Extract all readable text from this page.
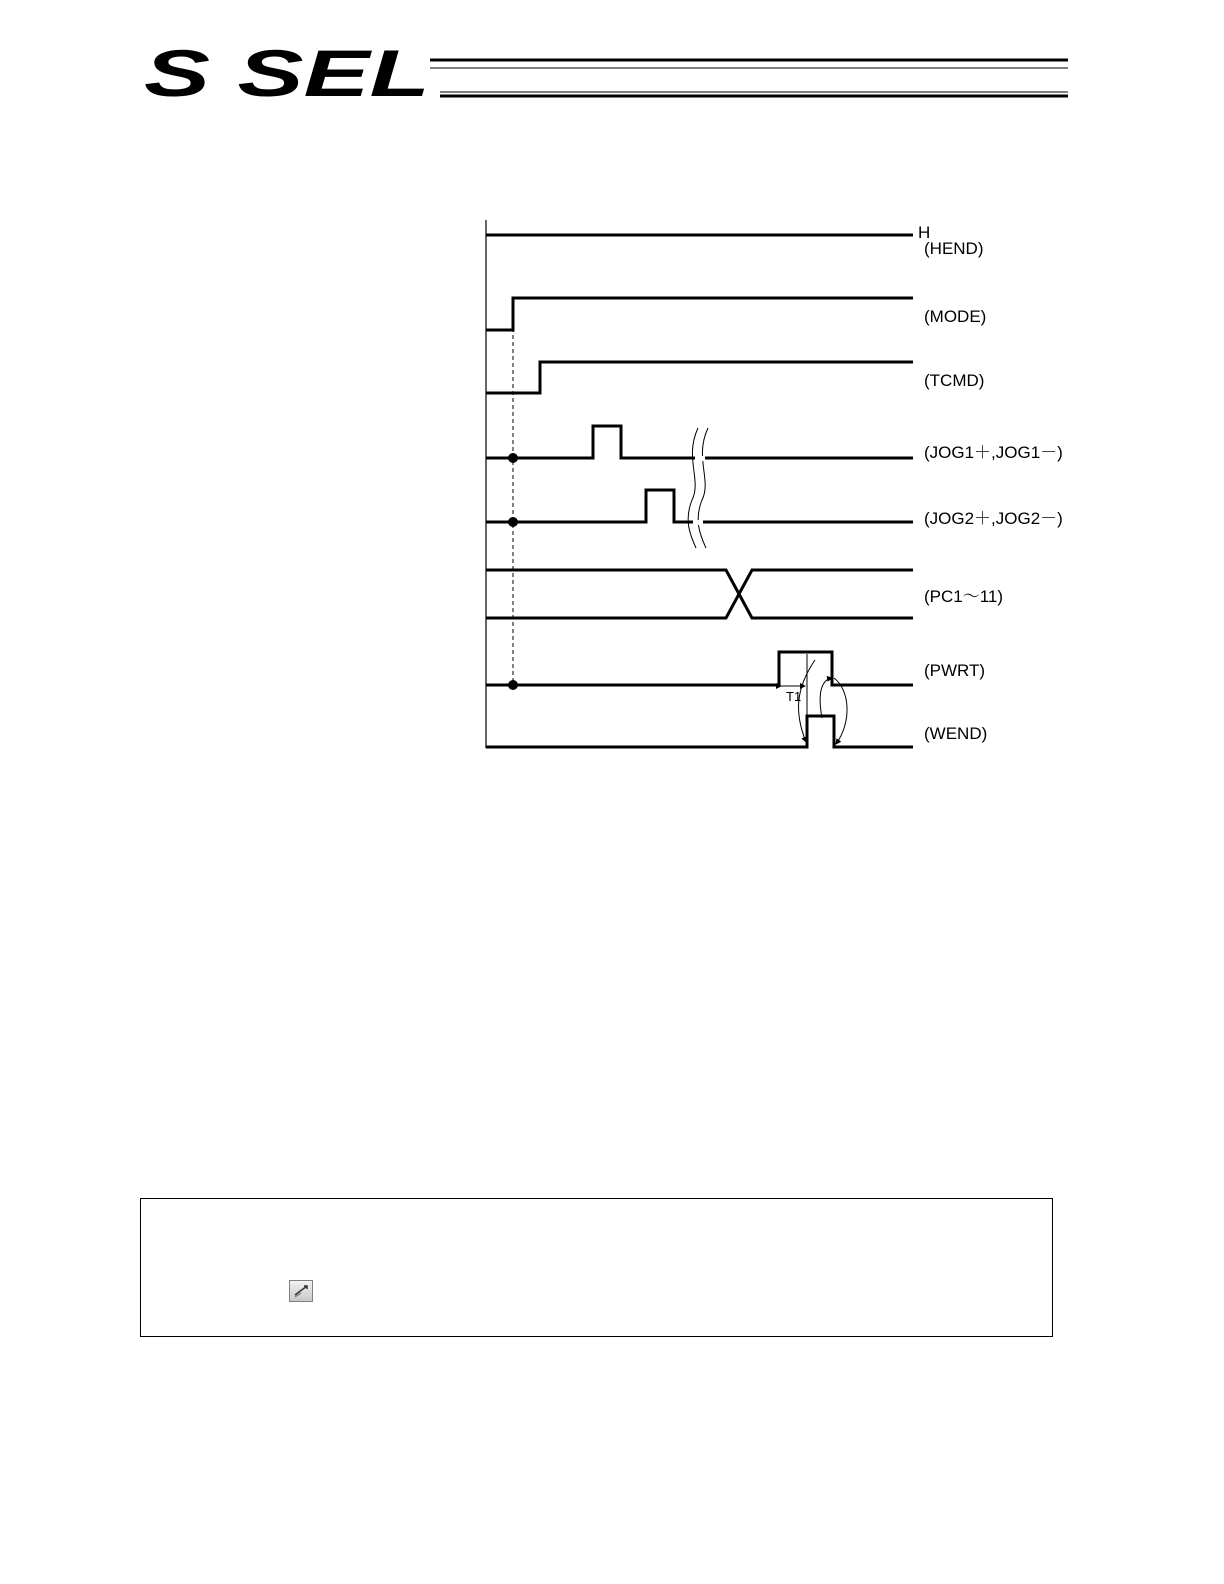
S SEL
H
T1
(HEND)
(MODE)
(TCMD)
(JOG1＋,JOG1－)
(JOG2＋,JOG2－)
(PC1～11)
(PWRT)
(WEND)
